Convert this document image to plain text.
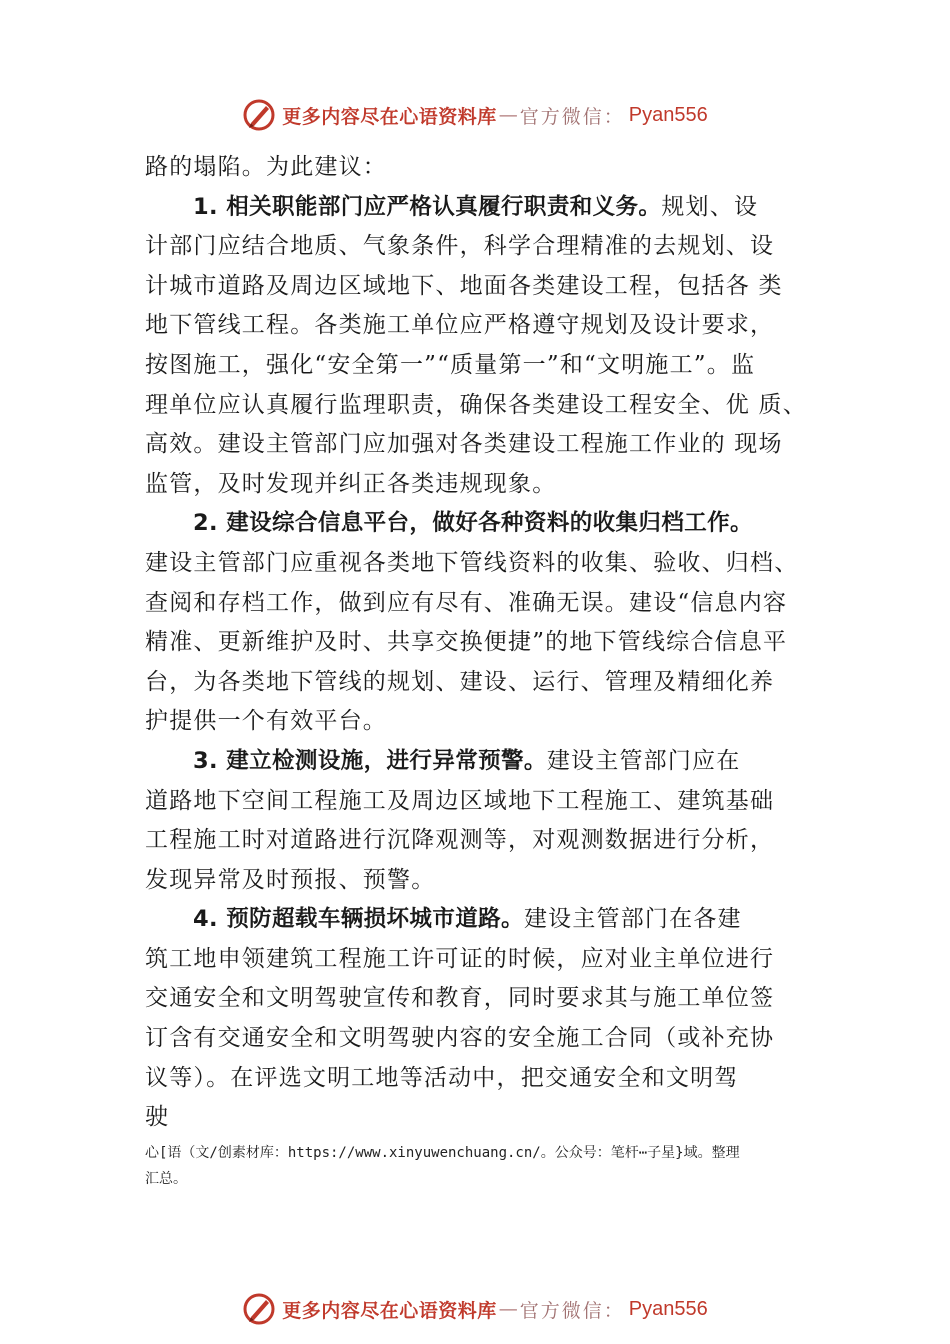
更多内容尽在心语资料库 — 官方微信： Pyan556
路的塌陷。为此建议：
1. 相关职能部门应严格认真履行职责和义务。规划、设
计部门应结合地质、气象条件，科学合理精准的去规划、设
计城市道路及周边区域地下、地面各类建设工程，包括各 类
地下管线工程。各类施工单位应严格遵守规划及设计要求，
按图施工，强化“安全第一”“质量第一”和“文明施工”。监
理单位应认真履行监理职责，确保各类建设工程安全、优 质、
高效。建设主管部门应加强对各类建设工程施工作业的 现场
监管，及时发现并纠正各类违规现象。
2. 建设综合信息平台，做好各种资料的收集归档工作。
建设主管部门应重视各类地下管线资料的收集、验收、归档、
查阅和存档工作，做到应有尽有、准确无误。建设“信息内容
精准、更新维护及时、共享交换便捷”的地下管线综合信息平
台，为各类地下管线的规划、建设、运行、管理及精细化养
护提供一个有效平台。
3. 建立检测设施，进行异常预警。建设主管部门应在
道路地下空间工程施工及周边区域地下工程施工、建筑基础
工程施工时对道路进行沉降观测等，对观测数据进行分析，
发现异常及时预报、预警。
4. 预防超载车辆损坏城市道路。建设主管部门在各建
筑工地申领建筑工程施工许可证的时候，应对业主单位进行
交通安全和文明驾驶宣传和教育，同时要求其与施工单位签
订含有交通安全和文明驾驶内容的安全施工合同（或补充协
议等）。在评选文明工地等活动中，把交通安全和文明驾
驶
心[语（文/创素材库：https://www.xinyuwenchuang.cn/。公众号：笔杆⋯子星}域。整理
汇总。
更多内容尽在心语资料库 — 官方微信： Pyan556
